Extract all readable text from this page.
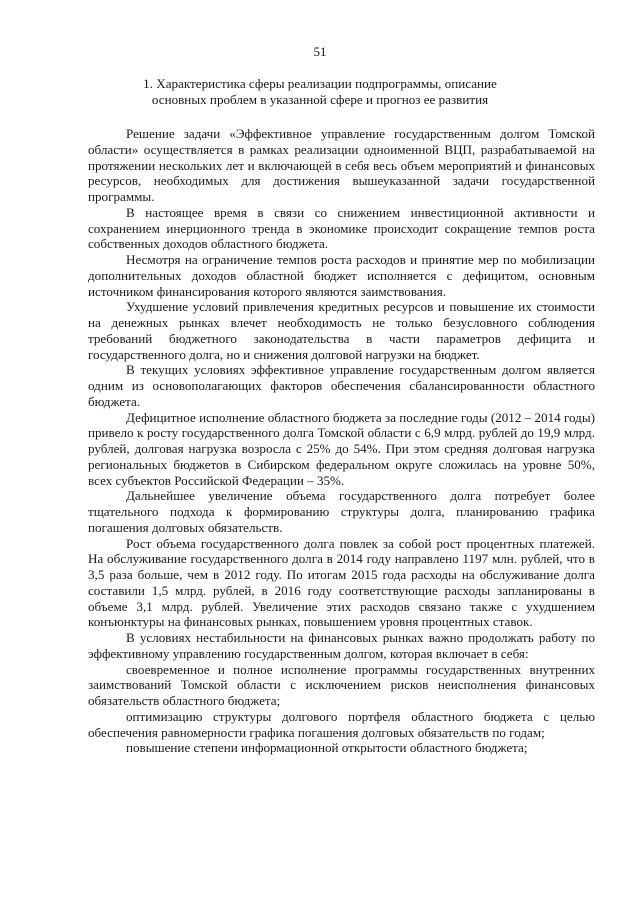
51
1. Характеристика сферы реализации подпрограммы, описание
основных проблем в указанной сфере и прогноз ее развития

Решение задачи «Эффективное управление государственным долгом Томской области» осуществляется в рамках реализации одноименной ВЦП, разрабатываемой на протяжении нескольких лет и включающей в себя весь объем мероприятий и финансовых ресурсов, необходимых для достижения вышеуказанной задачи государственной программы.

В настоящее время в связи со снижением инвестиционной активности и сохранением инерционного тренда в экономике происходит сокращение темпов роста собственных доходов областного бюджета.

Несмотря на ограничение темпов роста расходов и принятие мер по мобилизации дополнительных доходов областной бюджет исполняется с дефицитом, основным источником финансирования которого являются заимствования.

Ухудшение условий привлечения кредитных ресурсов и повышение их стоимости на денежных рынках влечет необходимость не только безусловного соблюдения требований бюджетного законодательства в части параметров дефицита и государственного долга, но и снижения долговой нагрузки на бюджет.

В текущих условиях эффективное управление государственным долгом является одним из основополагающих факторов обеспечения сбалансированности областного бюджета.

Дефицитное исполнение областного бюджета за последние годы (2012 – 2014 годы) привело к росту государственного долга Томской области с 6,9 млрд. рублей до 19,9 млрд. рублей, долговая нагрузка возросла с 25% до 54%. При этом средняя долговая нагрузка региональных бюджетов в Сибирском федеральном округе сложилась на уровне 50%, всех субъектов Российской Федерации – 35%.

Дальнейшее увеличение объема государственного долга потребует более тщательного подхода к формированию структуры долга, планированию графика погашения долговых обязательств.

Рост объема государственного долга повлек за собой рост процентных платежей. На обслуживание государственного долга в 2014 году направлено 1197 млн. рублей, что в 3,5 раза больше, чем в 2012 году. По итогам 2015 года расходы на обслуживание долга составили 1,5 млрд. рублей, в 2016 году соответствующие расходы запланированы в объеме 3,1 млрд. рублей. Увеличение этих расходов связано также с ухудшением конъюнктуры на финансовых рынках, повышением уровня процентных ставок.

В условиях нестабильности на финансовых рынках важно продолжать работу по эффективному управлению государственным долгом, которая включает в себя:

своевременное и полное исполнение программы государственных внутренних заимствований Томской области с исключением рисков неисполнения финансовых обязательств областного бюджета;

оптимизацию структуры долгового портфеля областного бюджета с целью обеспечения равномерности графика погашения долговых обязательств по годам;

повышение степени информационной открытости областного бюджета;
